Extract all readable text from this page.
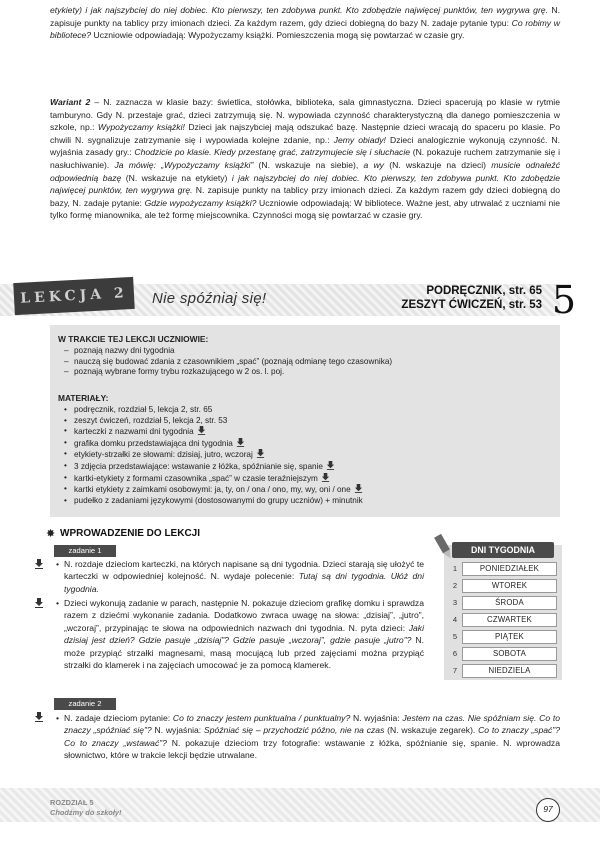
etykiety) i jak najszybciej do niej dobiec. Kto pierwszy, ten zdobywa punkt. Kto zdobędzie najwięcej punktów, ten wygrywa grę. N. zapisuje punkty na tablicy przy imionach dzieci. Za każdym razem, gdy dzieci dobiegną do bazy N. zadaje pytanie typu: Co robimy w bibliotece? Uczniowie odpowiadają: Wypożyczamy książki. Pomieszczenia mogą się powtarzać w czasie gry.
Wariant 2 – N. zaznacza w klasie bazy: świetlica, stołówka, biblioteka, sala gimnastyczna. Dzieci spacerują po klasie w rytmie tamburyno. Gdy N. przestaje grać, dzieci zatrzymują się. N. wypowiada czynność charakterystyczną dla danego pomieszczenia w szkole, np.: Wypożyczamy książki! Dzieci jak najszybciej mają odszukać bazę. Następnie dzieci wracają do spaceru po klasie. Po chwili N. sygnalizuje zatrzymanie się i wypowiada kolejne zdanie, np.: Jemy obiady! Dzieci analogicznie wykonują czynność. N. wyjaśnia zasady gry.: Chodzicie po klasie. Kiedy przestanę grać, zatrzymujecie się i słuchacie (N. pokazuje ruchem zatrzymanie się i nasłuchiwanie). Ja mówię: „Wypożyczamy książki” (N. wskazuje na siebie), a wy (N. wskazuje na dzieci) musicie odnaleźć odpowiednią bazę (N. wskazuje na etykiety) i jak najszybciej do niej dobiec. Kto pierwszy, ten zdobywa punkt. Kto zdobędzie najwięcej punktów, ten wygrywa grę. N. zapisuje punkty na tablicy przy imionach dzieci. Za każdym razem gdy dzieci dobiegną do bazy, N. zadaje pytanie: Gdzie wypożyczamy książki? Uczniowie odpowiadają: W bibliotece. Ważne jest, aby utrwalać z uczniami nie tylko formę mianownika, ale też formę miejscownika. Czynności mogą się powtarzać w czasie gry.
LEKCJA 2	Nie spóźniaj się!	PODRĘCZNIK, str. 65
ZESZYT ĆWICZEŃ, str. 53 5
W TRAKCIE TEJ LEKCJI UCZNIOWIE:
– poznają nazwy dni tygodnia
– nauczą się budować zdania z czasownikiem „spać” (poznają odmianę tego czasownika)
– poznają wybrane formy trybu rozkazującego w 2 os. l. poj.
MATERIAŁY:
• podręcznik, rozdział 5, lekcja 2, str. 65
• zeszyt ćwiczeń, rozdział 5, lekcja 2, str. 53
• karteczki z nazwami dni tygodnia
• grafika domku przedstawiająca dni tygodnia
• etykiety-strzałki ze słowami: dzisiaj, jutro, wczoraj
• 3 zdjęcia przedstawiające: wstawanie z łóżka, spóźnianie się, spanie
• kartki-etykiety z formami czasownika „spać” w czasie teraźniejszym
• kartki etykiety z zaimkami osobowymi: ja, ty, on / ona / ono, my, wy, oni / one
• pudełko z zadaniami językowymi (dostosowanymi do grupy uczniów) + minutnik
✸ WPROWADZENIE DO LEKCJI
zadanie 1
• N. rozdaje dzieciom karteczki, na których napisane są dni tygodnia. Dzieci starają się ułożyć te karteczki w odpowiedniej kolejność. N. wydaje polecenie: Tutaj są dni tygodnia. Ułóż dni tygodnia.
• Dzieci wykonują zadanie w parach, następnie N. pokazuje dzieciom grafikę domku i sprawdza razem z dziećmi wykonanie zadania. Dodatkowo zwraca uwagę na słowa: „dzisiaj”, „jutro”, „wczoraj”, przypinając te słowa na odpowiednich nazwach dni tygodnia. N. pyta dzieci: Jaki dzisiaj jest dzień? Gdzie pasuje „dzisiaj”? Gdzie pasuje „wczoraj”, gdzie pasuje „jutro”? N. może przypiąć strzałki magnesami, masą mocującą lub przed zajęciami można przypiąć strzałki do klamerek i na zajęciach umocować je za pomocą klamerek.
zadanie 2
• N. zadaje dzieciom pytanie: Co to znaczy jestem punktualna / punktualny? N. wyjaśnia: Jestem na czas. Nie spóźniam się. Co to znaczy „spóźniać się”? N. wyjaśnia: Spóźniać się – przychodzić późno, nie na czas (N. wskazuje zegarek). Co to znaczy „spać”? Co to znaczy „wstawać”? N. pokazuje dzieciom trzy fotografie: wstawanie z łóżka, spóźnianie się, spanie. N. wprowadza słownictwo, które w trakcie lekcji będzie utrwalane.
DNI TYGODNIA
1	PONIEDZIAŁEK
2	WTOREK
3	ŚRODA
4	CZWARTEK
5	PIĄTEK
6	SOBOTA
7	NIEDZIELA
ROZDZIAŁ 5
Chodźmy do szkoły!	97
